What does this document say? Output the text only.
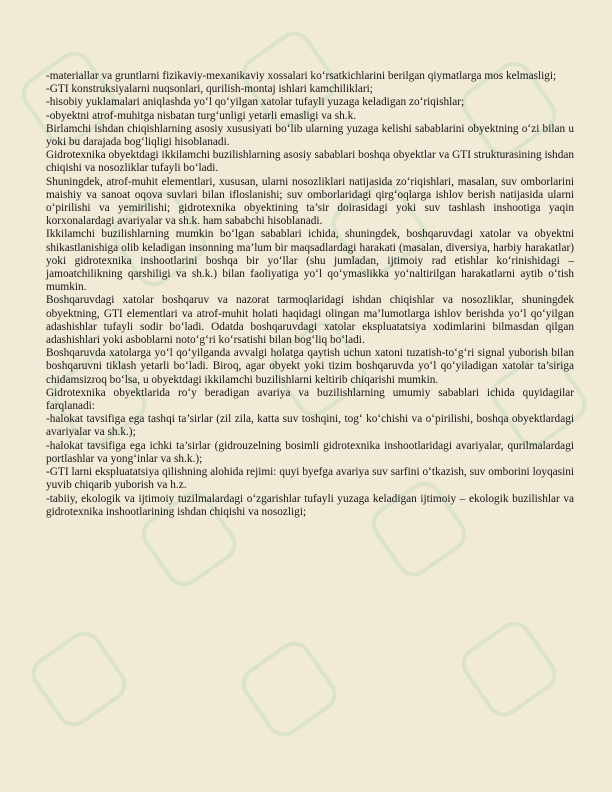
-materiallar va gruntlarni fizikaviy-mexanikaviy xossalari ko‘rsatkichlarini berilgan qiymatlarga mos kelmasligi;

-GTI konstruksiyalarni nuqsonlari, qurilish-montaj ishlari kamchiliklari;

-hisobiy yuklamalari aniqlashda yo‘l qo‘yilgan xatolar tufayli yuzaga keladigan zo‘riqishlar;

-obyektni atrof-muhitga nisbatan turg‘unligi yetarli emasligi va sh.k.

Birlamchi ishdan chiqishlarning asosiy xususiyati bo‘lib ularning yuzaga kelishi sabablarini obyektning o‘zi bilan u yoki bu darajada bog‘liqligi hisoblanadi.

Gidrotexnika obyektdagi ikkilamchi buzilishlarning asosiy sabablari boshqa obyektlar va GTI strukturasining ishdan chiqishi va nosozliklar tufayli bo‘ladi.

Shuningdek, atrof-muhit elementlari, xususan, ularni nosozliklari natijasida zo‘riqishlari, masalan, suv omborlarini maishiy va sanoat oqova suvlari bilan ifloslanishi; suv omborlaridagi qirg‘oqlarga ishlov berish natijasida ularni o‘pirilishi va yemirilishi; gidrotexnika obyektining ta’sir doirasidagi yoki suv tashlash inshootiga yaqin korxonalardagi avariyalar va sh.k. ham sababchi hisoblanadi.

Ikkilamchi buzilishlarning mumkin bo‘lgan sabablari ichida, shuningdek, boshqaruvdagi xatolar va obyektni shikastlanishiga olib keladigan insonning ma’lum bir maqsadlardagi harakati (masalan, diversiya, harbiy harakatlar) yoki gidrotexnika inshootlarini boshqa bir yo‘llar (shu jumladan, ijtimoiy rad etishlar ko‘rinishidagi – jamoatchilikning qarshiligi va sh.k.) bilan faoliyatiga yo‘l qo‘ymaslikka yo‘naltirilgan harakatlarni aytib o‘tish mumkin.

Boshqaruvdagi xatolar boshqaruv va nazorat tarmoqlaridagi ishdan chiqishlar va nosozliklar, shuningdek obyektning, GTI elementlari va atrof-muhit holati haqidagi olingan ma’lumotlarga ishlov berishda yo‘l qo‘yilgan adashishlar tufayli sodir bo‘ladi. Odatda boshqaruvdagi xatolar ekspluatatsiya xodimlarini bilmasdan qilgan adashishlari yoki asboblarni noto‘g‘ri ko‘rsatishi bilan bog‘liq bo‘ladi.

Boshqaruvda xatolarga yo‘l qo‘yilganda avvalgi holatga qaytish uchun xatoni tuzatish-to‘g‘ri signal yuborish bilan boshqaruvni tiklash yetarli bo‘ladi. Biroq, agar obyekt yoki tizim boshqaruvda yo‘l qo‘yiladigan xatolar ta’siriga chidamsizroq bo‘lsa, u obyektdagi ikkilamchi buzilishlarni keltirib chiqarishi mumkin.

Gidrotexnika obyektlarida ro‘y beradigan avariya va buzilishlarning umumiy sabablari ichida quyidagilar farqlanadi:

-halokat tavsifiga ega tashqi ta’sirlar (zil zila, katta suv toshqini, tog‘ ko‘chishi va o‘pirilishi, boshqa obyektlardagi avariyalar va sh.k.);

-halokat tavsifiga ega ichki ta’sirlar (gidrouzelning bosimli gidrotexnika inshootlaridagi avariyalar, qurilmalardagi portlashlar va yong‘inlar va sh.k.);

-GTI larni ekspluatatsiya qilishning alohida rejimi: quyi byefga avariya suv sarfini o‘tkazish, suv omborini loyqasini yuvib chiqarib yuborish va h.z.

-tabiiy, ekologik va ijtimoiy tuzilmalardagi o‘zgarishlar tufayli yuzaga keladigan ijtimoiy – ekologik buzilishlar va gidrotexnika inshootlarining ishdan chiqishi va nosozligi;
